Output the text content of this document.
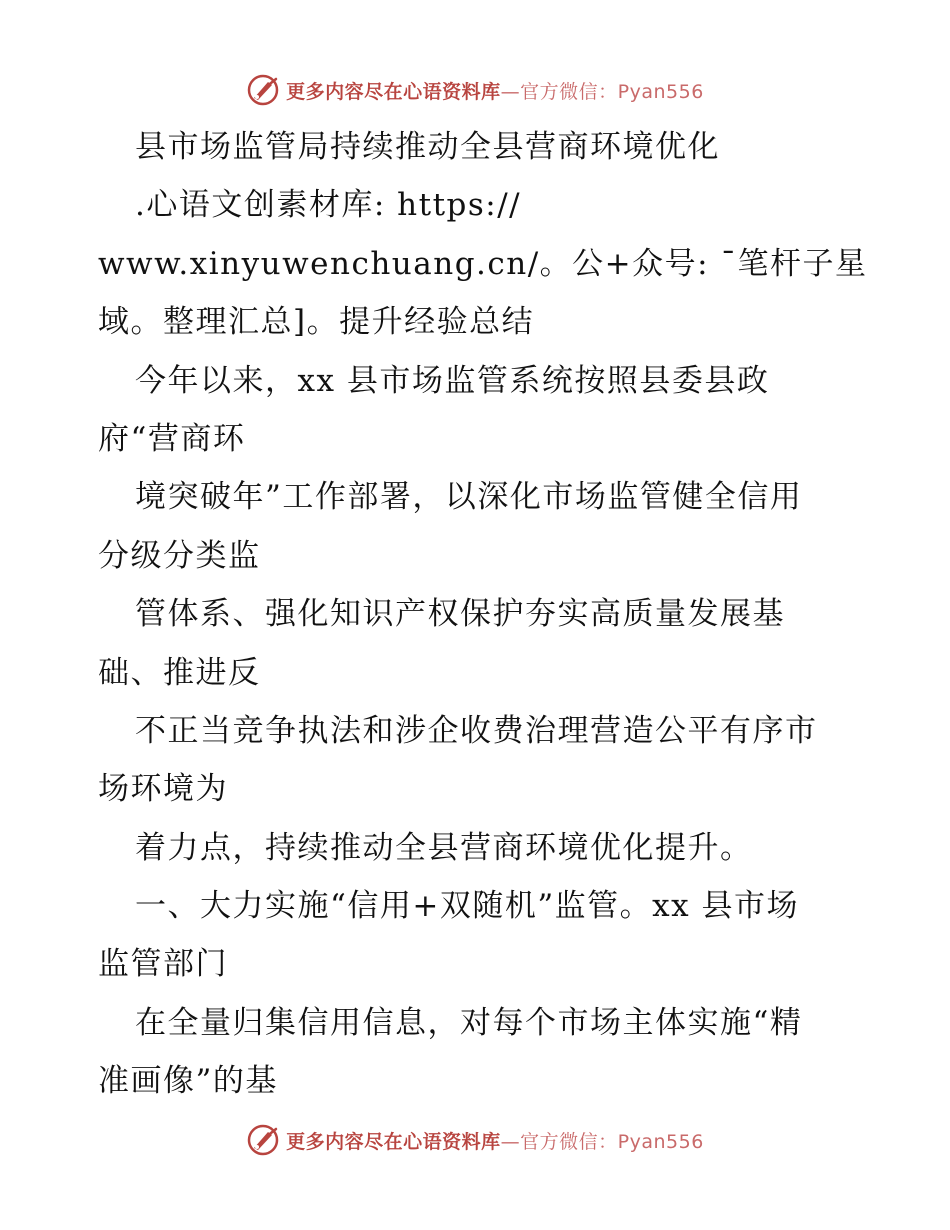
更多内容尽在心语资料库—官方微信：Pyan556
县市场监管局持续推动全县营商环境优化
.心语文创素材库: https://
www.xinyuwenchuang.cn/。公+众号: ¯笔杆子星
域。整理汇总]。提升经验总结
今年以来，xx 县市场监管系统按照县委县政
府“营商环
境突破年”工作部署，以深化市场监管健全信用
分级分类监
管体系、强化知识产权保护夯实高质量发展基
础、推进反
不正当竞争执法和涉企收费治理营造公平有序市
场环境为
着力点，持续推动全县营商环境优化提升。
一、大力实施“信用+双随机”监管。xx 县市场
监管部门
在全量归集信用信息，对每个市场主体实施“精
准画像”的基
更多内容尽在心语资料库—官方微信：Pyan556
